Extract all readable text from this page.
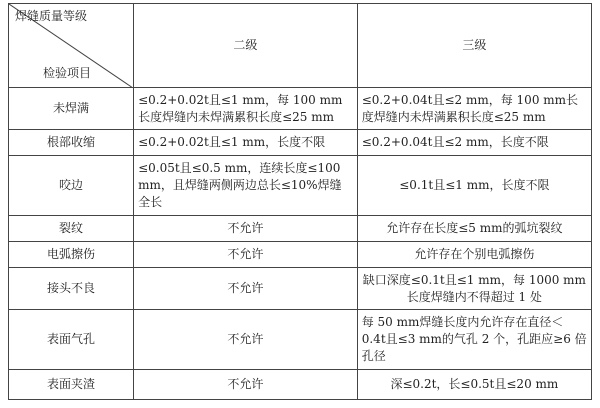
焊缝质量等级
检验项目	二级	三级
未焊满	≤0.2+0.02t且≤1 mm，每 100 mm长度焊缝内未焊满累积长度≤25 mm	≤0.2+0.04t且≤2 mm，每 100 mm长度焊缝内未焊满累积长度≤25 mm
根部收缩	≤0.2+0.02t且≤1 mm，长度不限	≤0.2+0.04t且≤2 mm，长度不限
咬边	≤0.05t且≤0.5 mm，连续长度≤100 mm，且焊缝两侧两边总长≤10%焊缝全长	≤0.1t且≤1 mm，长度不限
裂纹	不允许	允许存在长度≤5 mm的弧坑裂纹
电弧擦伤	不允许	允许存在个别电弧擦伤
接头不良	不允许	缺口深度≤0.1t且≤1 mm，每 1000 mm长度焊缝内不得超过 1 处
表面气孔	不允许	每 50 mm焊缝长度内允许存在直径＜0.4t且≤3 mm的气孔 2 个，孔距应≥6 倍孔径
表面夹渣	不允许	深≤0.2t，长≤0.5t且≤20 mm
